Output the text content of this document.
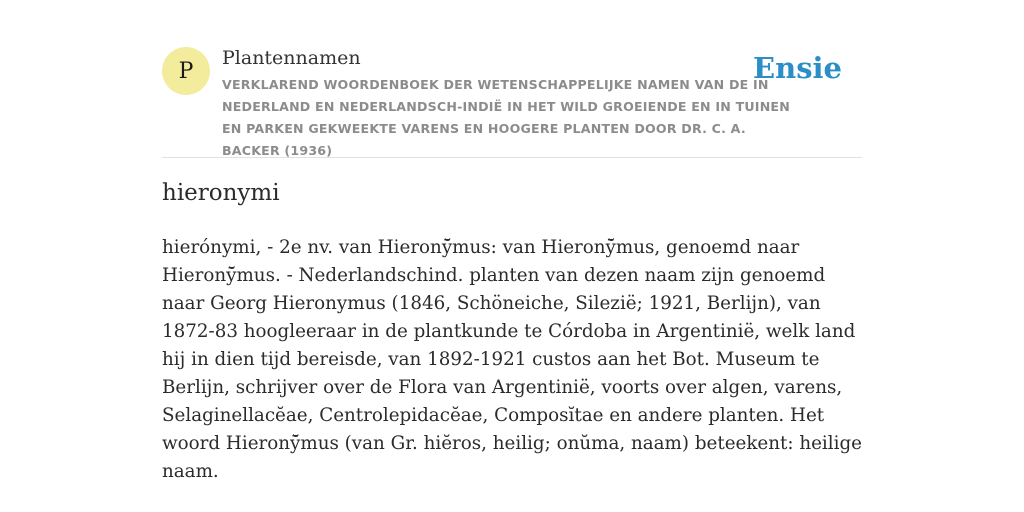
P
Plantennamen
VERKLAREND WOORDENBOEK DER WETENSCHAPPELIJKE NAMEN VAN DE IN NEDERLAND EN NEDERLANDSCH-INDIË IN HET WILD GROEIENDE EN IN TUINEN EN PARKEN GEKWEEKTE VARENS EN HOOGERE PLANTEN DOOR DR. C. A. BACKER (1936)
Ensie
hieronymi

hierónymi, - 2e nv. van Hieronȳ̆mus: van Hieronȳ̆mus, genoemd naar Hieronȳ̆mus. - Nederlandschind. planten van dezen naam zijn genoemd naar Georg Hieronymus (1846, Schöneiche, Silezië; 1921, Berlijn), van 1872-83 hoogleeraar in de plantkunde te Córdoba in Argentinië, welk land hij in dien tijd bereisde, van 1892-1921 custos aan het Bot. Museum te Berlijn, schrijver over de Flora van Argentinië, voorts over algen, varens, Selaginellacĕae, Centrolepidacĕae, Composĭtae en andere planten. Het woord Hieronȳ̆mus (van Gr. hiĕros, heilig; onŭma, naam) beteekent: heilige naam.
